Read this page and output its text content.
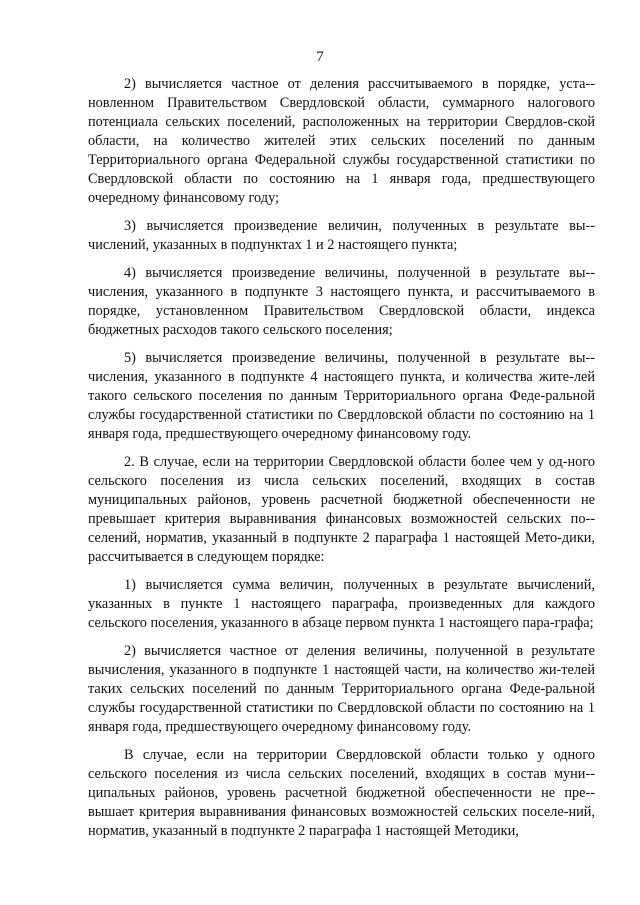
7

2) вычисляется частное от деления рассчитываемого в порядке, уста-новленном Правительством Свердловской области, суммарного налогового потенциала сельских поселений, расположенных на территории Свердлов-ской области, на количество жителей этих сельских поселений по данным Территориального органа Федеральной службы государственной статистики по Свердловской области по состоянию на 1 января года, предшествующего очередному финансовому году;

3) вычисляется произведение величин, полученных в результате вы-числений, указанных в подпунктах 1 и 2 настоящего пункта;

4) вычисляется произведение величины, полученной в результате вы-числения, указанного в подпункте 3 настоящего пункта, и рассчитываемого в порядке, установленном Правительством Свердловской области, индекса бюджетных расходов такого сельского поселения;

5) вычисляется произведение величины, полученной в результате вы-числения, указанного в подпункте 4 настоящего пункта, и количества жите-лей такого сельского поселения по данным Территориального органа Феде-ральной службы государственной статистики по Свердловской области по состоянию на 1 января года, предшествующего очередному финансовому году.

2. В случае, если на территории Свердловской области более чем у од-ного сельского поселения из числа сельских поселений, входящих в состав муниципальных районов, уровень расчетной бюджетной обеспеченности не превышает критерия выравнивания финансовых возможностей сельских по-селений, норматив, указанный в подпункте 2 параграфа 1 настоящей Мето-дики, рассчитывается в следующем порядке:

1) вычисляется сумма величин, полученных в результате вычислений, указанных в пункте 1 настоящего параграфа, произведенных для каждого сельского поселения, указанного в абзаце первом пункта 1 настоящего пара-графа;

2) вычисляется частное от деления величины, полученной в результате вычисления, указанного в подпункте 1 настоящей части, на количество жи-телей таких сельских поселений по данным Территориального органа Феде-ральной службы государственной статистики по Свердловской области по состоянию на 1 января года, предшествующего очередному финансовому году.

В случае, если на территории Свердловской области только у одного сельского поселения из числа сельских поселений, входящих в состав муни-ципальных районов, уровень расчетной бюджетной обеспеченности не пре-вышает критерия выравнивания финансовых возможностей сельских поселе-ний, норматив, указанный в подпункте 2 параграфа 1 настоящей Методики,
